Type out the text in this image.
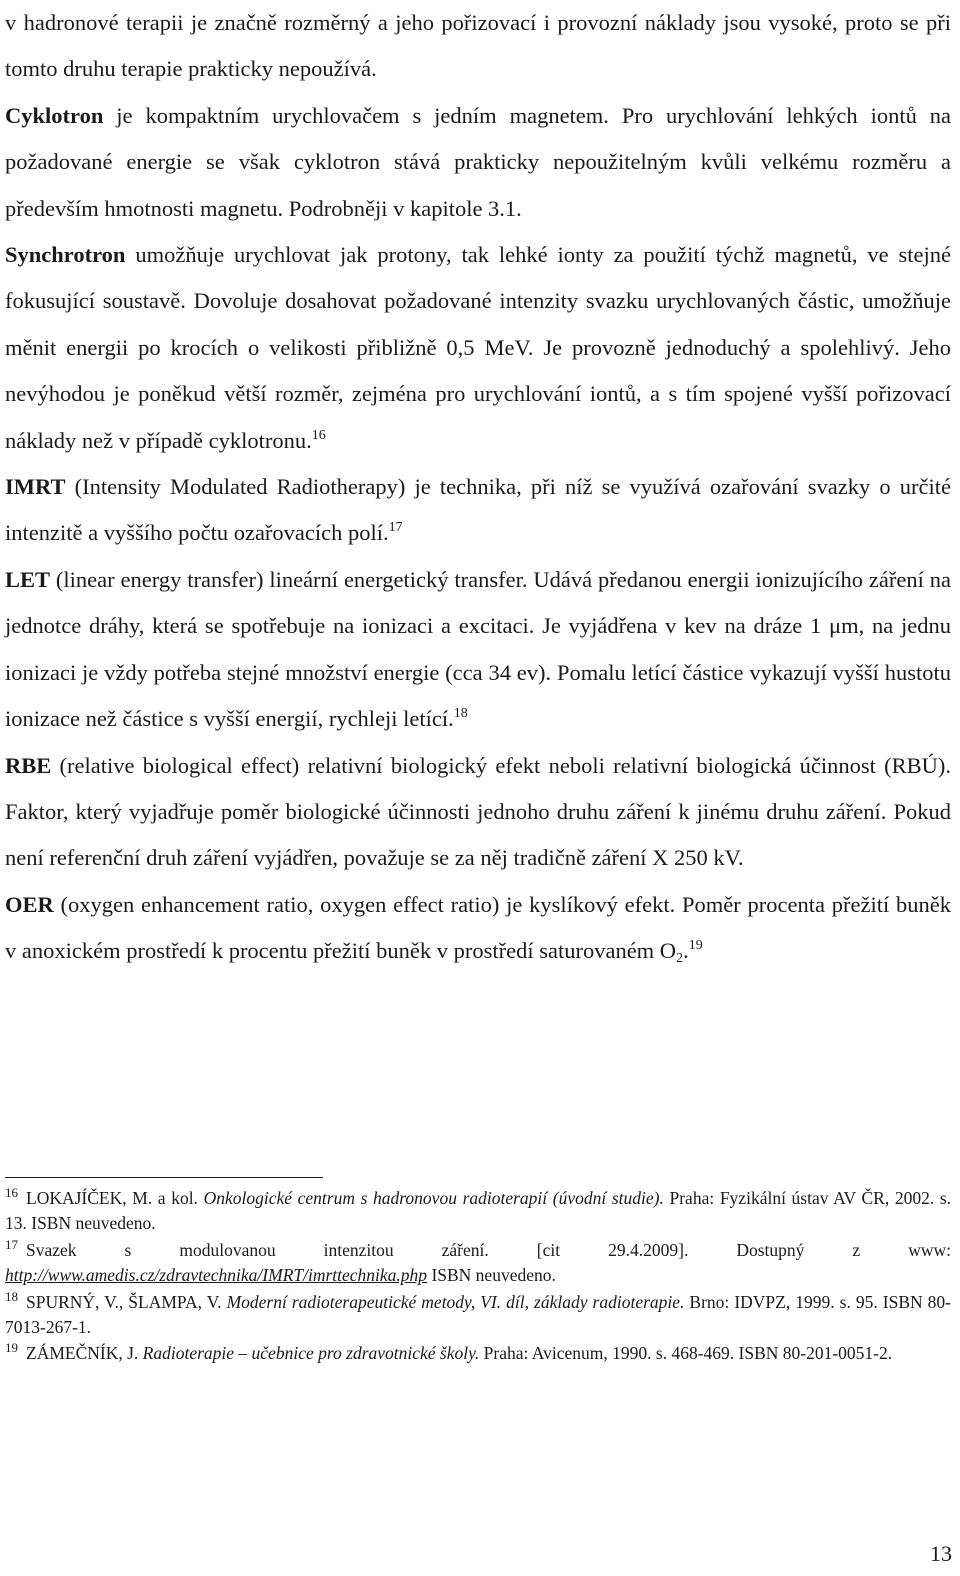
v hadronové terapii je značně rozměrný a jeho pořizovací i provozní náklady jsou vysoké, proto se při tomto druhu terapie prakticky nepoužívá.

Cyklotron je kompaktním urychlovačem s jedním magnetem. Pro urychlování lehkých iontů na požadované energie se však cyklotron stává prakticky nepoužitelným kvůli velkému rozměru a především hmotnosti magnetu. Podrobněji v kapitole 3.1.

Synchrotron umožňuje urychlovat jak protony, tak lehké ionty za použití týchž magnetů, ve stejné fokusující soustavě. Dovoluje dosahovat požadované intenzity svazku urychlovaných částic, umožňuje měnit energii po krocích o velikosti přibližně 0,5 MeV. Je provozně jednoduchý a spolehlivý. Jeho nevýhodou je poněkud větší rozměr, zejména pro urychlování iontů, a s tím spojené vyšší pořizovací náklady než v případě cyklotronu.$^{16}$

IMRT (Intensity Modulated Radiotherapy) je technika, při níž se využívá ozařování svazky o určité intenzitě a vyššího počtu ozařovacích polí.$^{17}$

LET (linear energy transfer) lineární energetický transfer. Udává předanou energii ionizujícího záření na jednotce dráhy, která se spotřebuje na ionizaci a excitaci. Je vyjádřena v kev na dráze 1 μm, na jednu ionizaci je vždy potřeba stejné množství energie (cca 34 ev). Pomalu letící částice vykazují vyšší hustotu ionizace než částice s vyšší energií, rychleji letící.$^{18}$

RBE (relative biological effect) relativní biologický efekt neboli relativní biologická účinnost (RBÚ). Faktor, který vyjadřuje poměr biologické účinnosti jednoho druhu záření k jinému druhu záření. Pokud není referenční druh záření vyjádřen, považuje se za něj tradičně záření X 250 kV.

OER (oxygen enhancement ratio, oxygen effect ratio) je kyslíkový efekt. Poměr procenta přežití buněk v anoxickém prostředí k procentu přežití buněk v prostředí saturovaném $O_2.^{19}$

$^{16}$ LOKAJÍČEK, M. a kol. Onkologické centrum s hadronovou radioterapií (úvodní studie). Praha: Fyzikální ústav AV ČR, 2002. s. 13. ISBN neuvedeno.

$^{17}$ Svazek s modulovanou intenzitou záření. [cit 29.4.2009]. Dostupný z www: http://www.amedis.cz/zdravtechnika/IMRT/imrttechnika.php ISBN neuvedeno.

$^{18}$ SPURNÝ, V., ŠLAMPA, V. Moderní radioterapeutické metody, VI. díl, základy radioterapie. Brno: IDVPZ, 1999. s. 95. ISBN 80-7013-267-1.

$^{19}$ ZÁMEČNÍK, J. Radioterapie – učebnice pro zdravotnické školy. Praha: Avicenum, 1990. s. 468-469. ISBN 80-201-0051-2.

13
